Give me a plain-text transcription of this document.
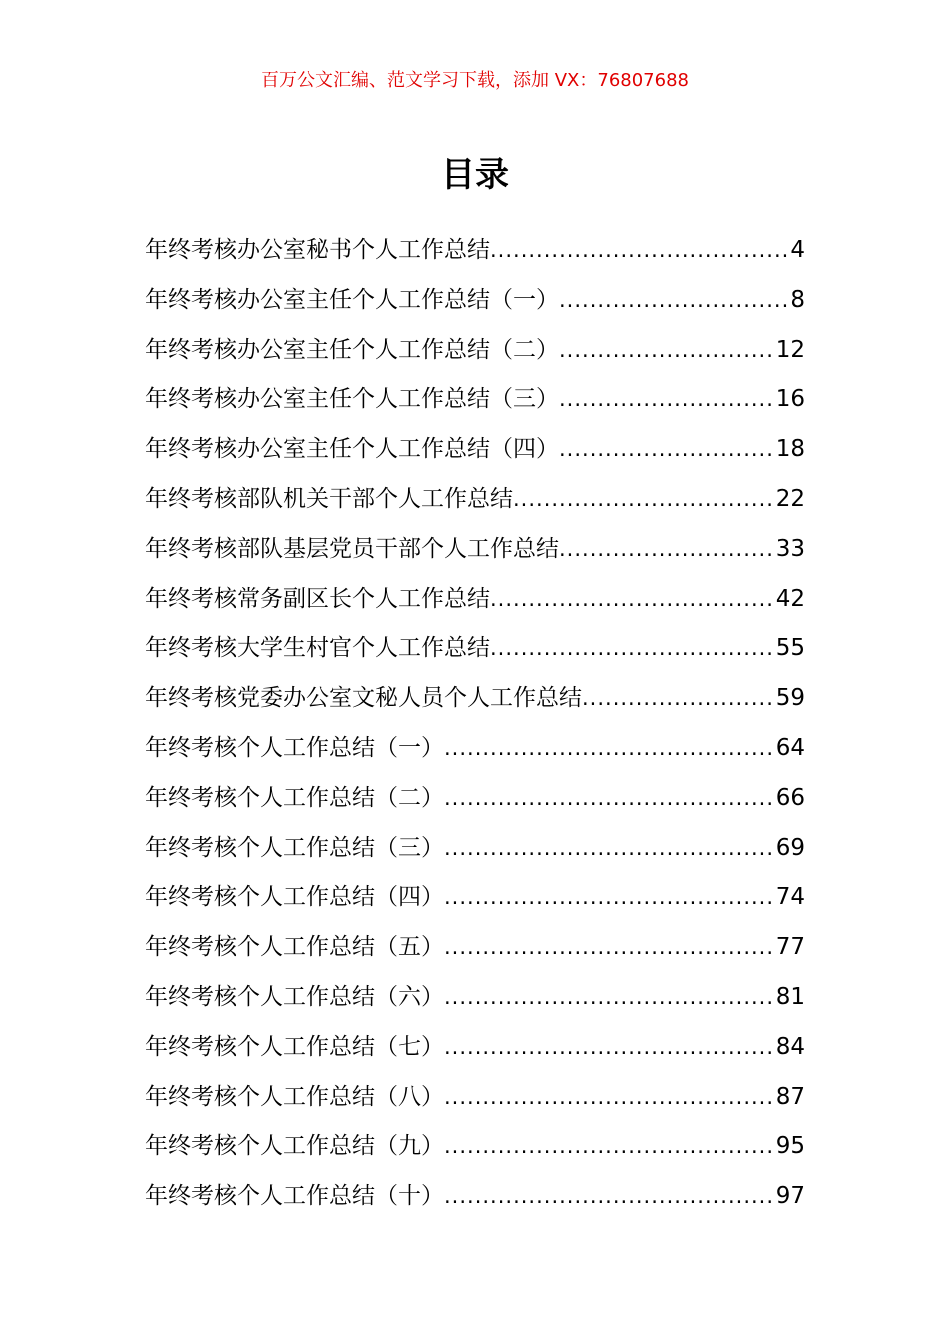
百万公文汇编、范文学习下载，添加 VX：76807688
目录
年终考核办公室秘书个人工作总结 .....	4
年终考核办公室主任个人工作总结（一） .....	8
年终考核办公室主任个人工作总结（二） .....	12
年终考核办公室主任个人工作总结（三） .....	16
年终考核办公室主任个人工作总结（四） .....	18
年终考核部队机关干部个人工作总结 .....	22
年终考核部队基层党员干部个人工作总结 .....	33
年终考核常务副区长个人工作总结 .....	42
年终考核大学生村官个人工作总结 .....	55
年终考核党委办公室文秘人员个人工作总结 .....	59
年终考核个人工作总结（一） .....	64
年终考核个人工作总结（二） .....	66
年终考核个人工作总结（三） .....	69
年终考核个人工作总结（四） .....	74
年终考核个人工作总结（五） .....	77
年终考核个人工作总结（六） .....	81
年终考核个人工作总结（七） .....	84
年终考核个人工作总结（八） .....	87
年终考核个人工作总结（九） .....	95
年终考核个人工作总结（十） .....	97
